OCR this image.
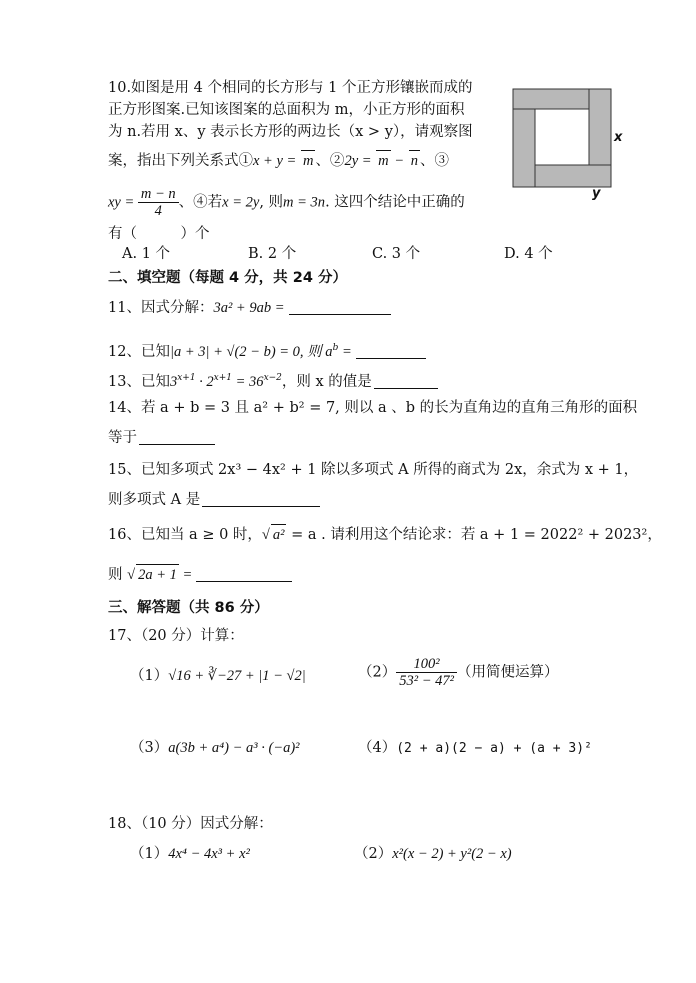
10.如图是用 4 个相同的长方形与 1 个正方形镶嵌而成的
正方形图案.已知该图案的总面积为 m，小正方形的面积
为 n.若用 x、y 表示长方形的两边长（x > y），请观察图
案，指出下列关系式①x + y = m 、②2y = m − n 、③
xy = $\frac{m - n}{4}$ 、④若x = 2y, 则m = 3n. 这四个结论中正确的
有（　　　）个
A. 1 个	B. 2 个	C. 3 个	D. 4 个
x
y
二、填空题（每题 4 分，共 24 分）
11、因式分解：3a² + 9ab =
12、已知|a + 3| + √(2 − b) = 0, 则 $a^b$ =
13、已知$3^{x+1} \cdot 2^{x+1} = 36^{x-2}$，则 x 的值是
14、若 a + b = 3 且 a² + b² = 7, 则以 a 、b 的长为直角边的直角三角形的面积
等于
15、已知多项式 2x³ − 4x² + 1 除以多项式 A 所得的商式为 2x，余式为 x + 1，
则多项式 A 是
16、已知当 a ≥ 0 时，√ a² = a . 请利用这个结论求：若 a + 1 = 2022² + 2023²，
则 √ 2a + 1 =
三、解答题（共 86 分）
17、（20 分）计算：
（1）√16 + ∛−27 + |1 − √2|	$(2) \frac{\text{100²}}{\text{53² − 47²}}$ （用简便运算）
（3）a(3b + a⁴) − a³ · (−a)²	（4）(2 + a)(2 − a) + (a + 3)²
18、（10 分）因式分解：
（1）4x⁴ − 4x³ + x²	（2）x²(x − 2) + y²(2 − x)
